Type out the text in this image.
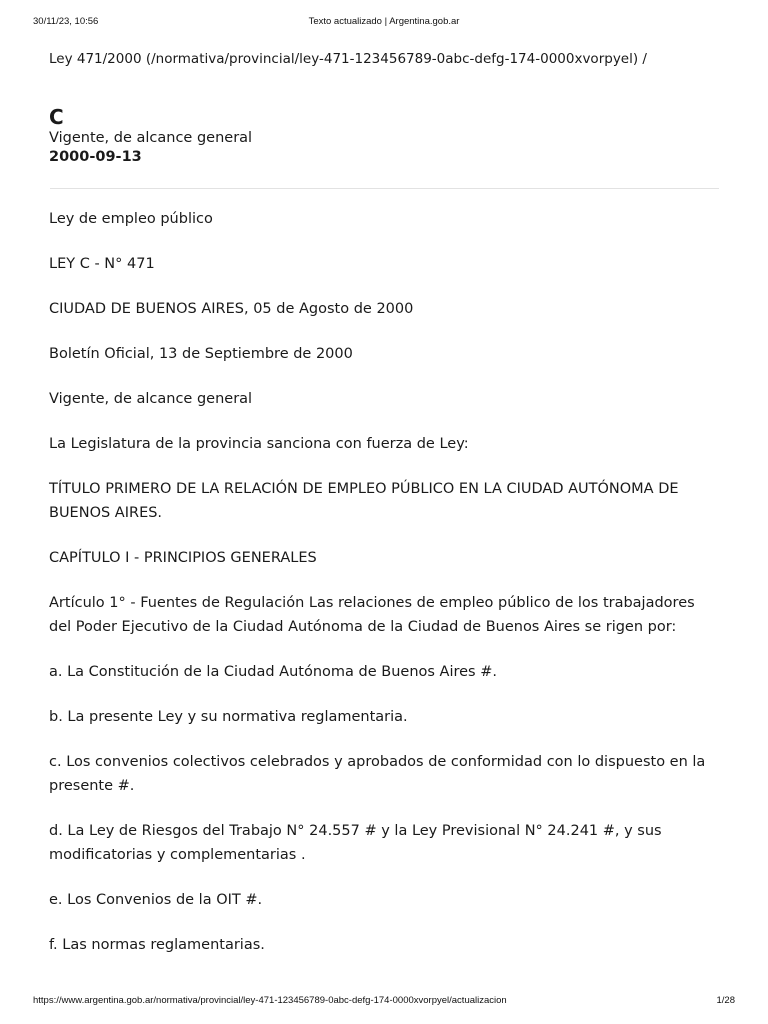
30/11/23, 10:56	Texto actualizado | Argentina.gob.ar

Ley 471/2000 (/normativa/provincial/ley-471-123456789-0abc-defg-174-0000xvorpyel) /

C
Vigente, de alcance general
2000-09-13

Ley de empleo público

LEY C - N° 471

CIUDAD DE BUENOS AIRES, 05 de Agosto de 2000

Boletín Oficial, 13 de Septiembre de 2000

Vigente, de alcance general

La Legislatura de la provincia sanciona con fuerza de Ley:

TÍTULO PRIMERO DE LA RELACIÓN DE EMPLEO PÚBLICO EN LA CIUDAD AUTÓNOMA DE BUENOS AIRES.

CAPÍTULO I - PRINCIPIOS GENERALES

Artículo 1° - Fuentes de Regulación Las relaciones de empleo público de los trabajadores del Poder Ejecutivo de la Ciudad Autónoma de la Ciudad de Buenos Aires se rigen por:

a. La Constitución de la Ciudad Autónoma de Buenos Aires #.

b. La presente Ley y su normativa reglamentaria.

c. Los convenios colectivos celebrados y aprobados de conformidad con lo dispuesto en la presente #.

d. La Ley de Riesgos del Trabajo N° 24.557 # y la Ley Previsional N° 24.241 #, y sus modificatorias y complementarias .

e. Los Convenios de la OIT #.

f. Las normas reglamentarias.

https://www.argentina.gob.ar/normativa/provincial/ley-471-123456789-0abc-defg-174-0000xvorpyel/actualizacion	1/28
